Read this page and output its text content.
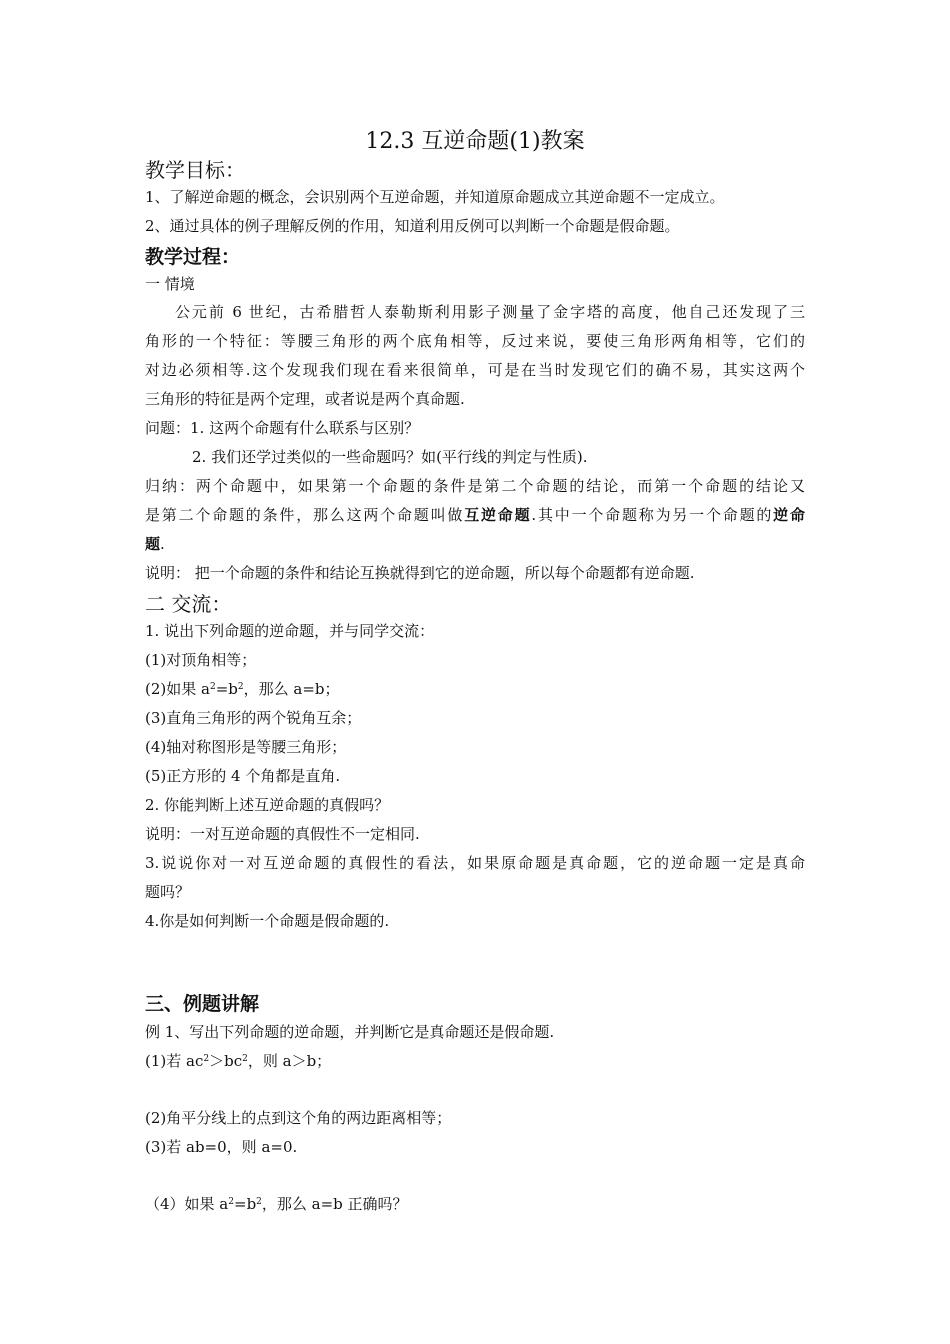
12.3 互逆命题(1)教案
教学目标：
1、了解逆命题的概念，会识别两个互逆命题，并知道原命题成立其逆命题不一定成立。
2、通过具体的例子理解反例的作用，知道利用反例可以判断一个命题是假命题。
教学过程：
一 情境
公元前 6 世纪，古希腊哲人泰勒斯利用影子测量了金字塔的高度，他自己还发现了三
角形的一个特征：等腰三角形的两个底角相等，反过来说，要使三角形两角相等，它们的
对边必须相等.这个发现我们现在看来很简单，可是在当时发现它们的确不易，其实这两个
三角形的特征是两个定理，或者说是两个真命题.
问题：1. 这两个命题有什么联系与区别？
2. 我们还学过类似的一些命题吗？如(平行线的判定与性质).
归纳：两个命题中，如果第一个命题的条件是第二个命题的结论，而第一个命题的结论又
是第二个命题的条件，那么这两个命题叫做互逆命题.其中一个命题称为另一个命题的逆命
题.
说明： 把一个命题的条件和结论互换就得到它的逆命题，所以每个命题都有逆命题.
二 交流：
1. 说出下列命题的逆命题，并与同学交流：
(1)对顶角相等；
(2)如果 $a^2=b^2$，那么 a=b；
(3)直角三角形的两个锐角互余；
(4)轴对称图形是等腰三角形；
(5)正方形的 4 个角都是直角.
2. 你能判断上述互逆命题的真假吗？
说明：一对互逆命题的真假性不一定相同.
3.说说你对一对互逆命题的真假性的看法，如果原命题是真命题，它的逆命题一定是真命
题吗？
4.你是如何判断一个命题是假命题的.
三、例题讲解
例 1、写出下列命题的逆命题，并判断它是真命题还是假命题.
(1)若 $ac^2>bc^2$，则 a＞b；
(2)角平分线上的点到这个角的两边距离相等；
(3)若 ab=0，则 a=0.
（4）如果 $a^2=b^2$，那么 a=b 正确吗？
